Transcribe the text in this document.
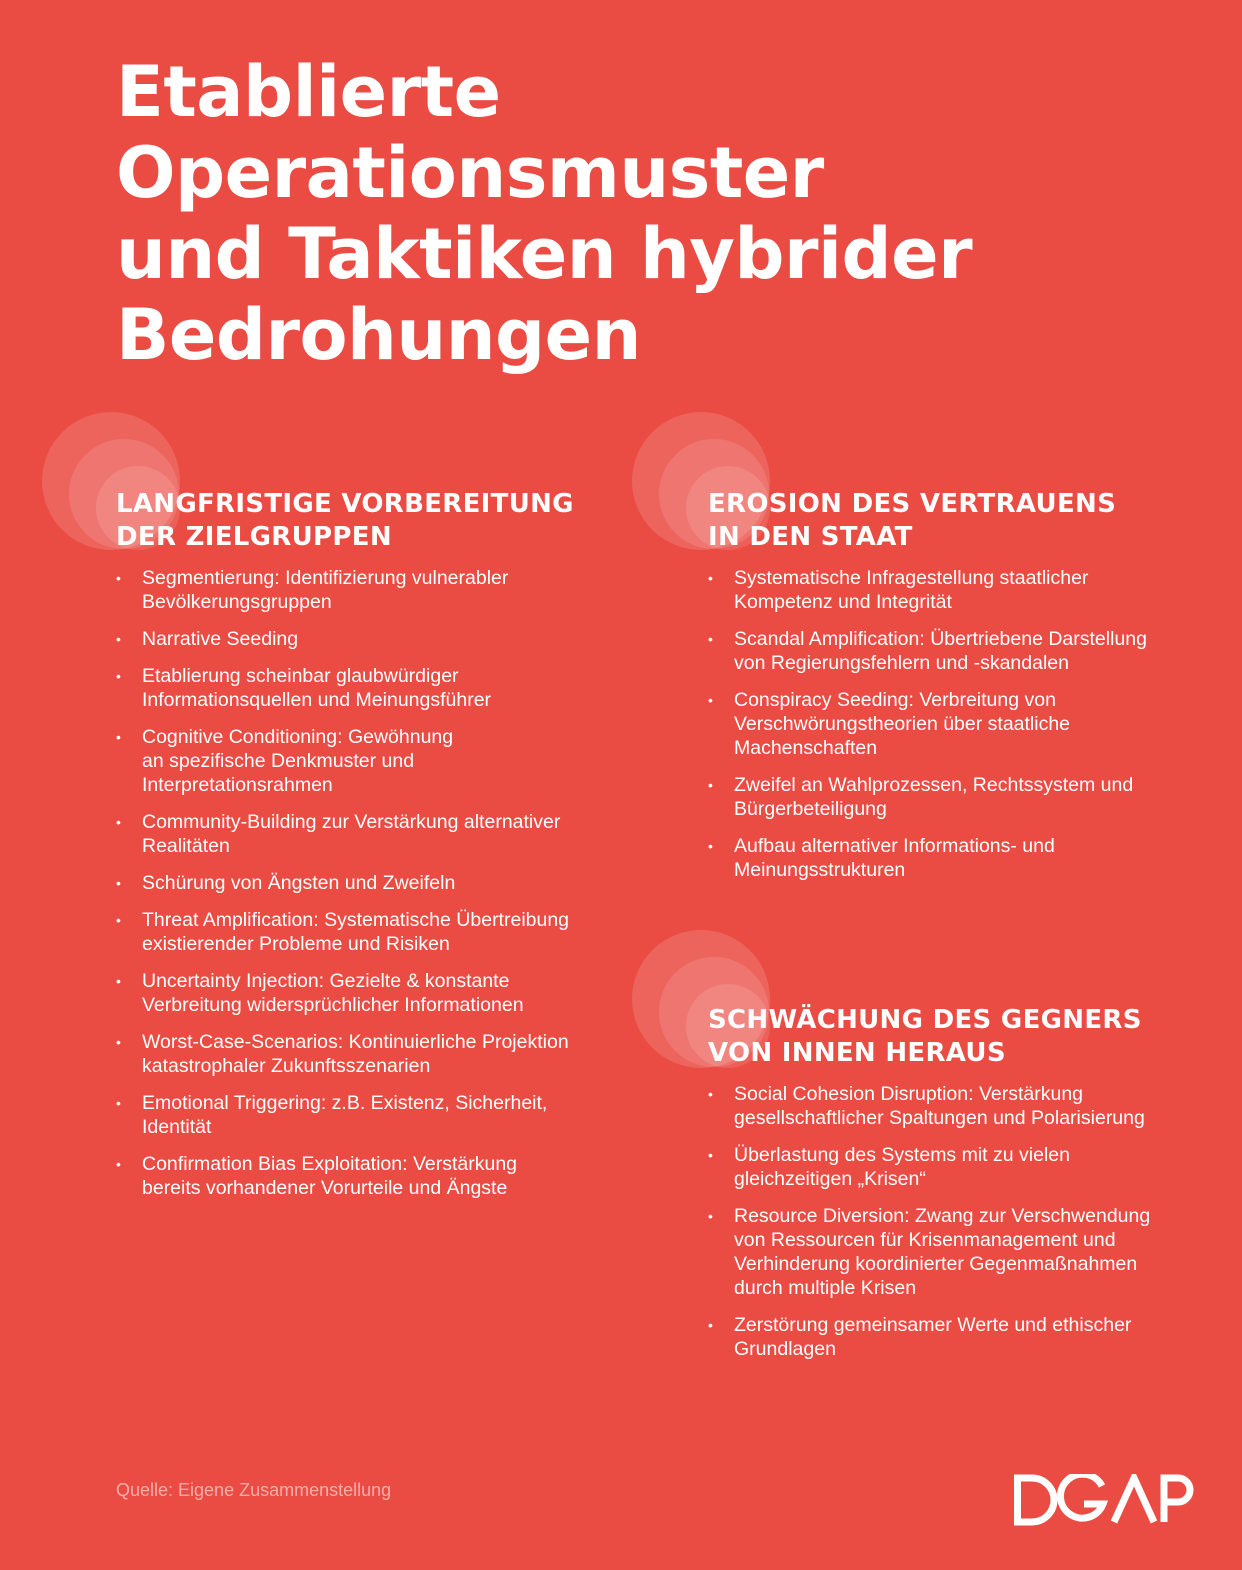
Etablierte
Operationsmuster
und Taktiken hybrider
Bedrohungen
LANGFRISTIGE VORBEREITUNG
DER ZIELGRUPPEN
• Segmentierung: Identifizierung vulnerabler
Bevölkerungsgruppen
• Narrative Seeding
• Etablierung scheinbar glaubwürdiger
Informationsquellen und Meinungsführer
• Cognitive Conditioning: Gewöhnung
an spezifische Denkmuster und
Interpretationsrahmen
• Community-Building zur Verstärkung alternativer
Realitäten
• Schürung von Ängsten und Zweifeln
• Threat Amplification: Systematische Übertreibung
existierender Probleme und Risiken
• Uncertainty Injection: Gezielte & konstante
Verbreitung widersprüchlicher Informationen
• Worst-Case-Scenarios: Kontinuierliche Projektion
katastrophaler Zukunftsszenarien
• Emotional Triggering: z.B. Existenz, Sicherheit,
Identität
• Confirmation Bias Exploitation: Verstärkung
bereits vorhandener Vorurteile und Ängste
EROSION DES VERTRAUENS
IN DEN STAAT
• Systematische Infragestellung staatlicher
Kompetenz und Integrität
• Scandal Amplification: Übertriebene Darstellung
von Regierungsfehlern und -skandalen
• Conspiracy Seeding: Verbreitung von
Verschwörungstheorien über staatliche
Machenschaften
• Zweifel an Wahlprozessen, Rechtssystem und
Bürgerbeteiligung
• Aufbau alternativer Informations- und
Meinungsstrukturen
SCHWÄCHUNG DES GEGNERS
VON INNEN HERAUS
• Social Cohesion Disruption: Verstärkung
gesellschaftlicher Spaltungen und Polarisierung
• Überlastung des Systems mit zu vielen
gleichzeitigen „Krisen“
• Resource Diversion: Zwang zur Verschwendung
von Ressourcen für Krisenmanagement und
Verhinderung koordinierter Gegenmaßnahmen
durch multiple Krisen
• Zerstörung gemeinsamer Werte und ethischer
Grundlagen
Quelle: Eigene Zusammenstellung
